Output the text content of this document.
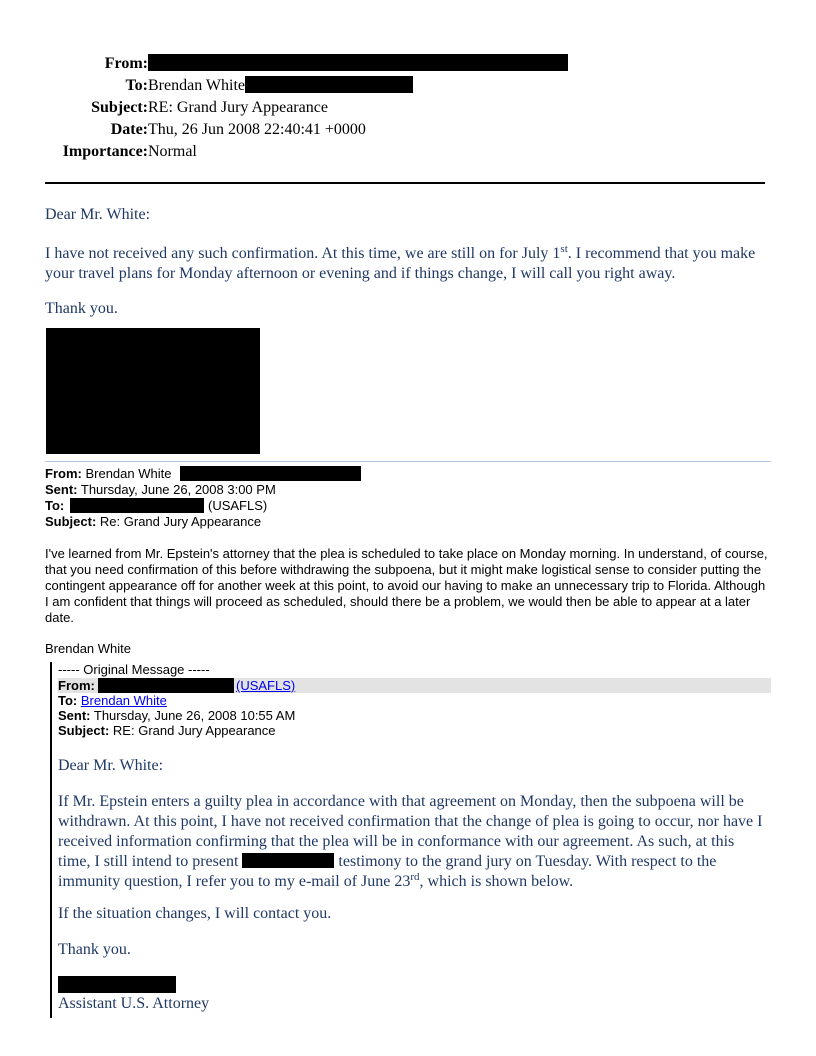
From:
To: Brendan White
Subject: RE: Grand Jury Appearance
Date: Thu, 26 Jun 2008 22:40:41 +0000
Importance: Normal
Dear Mr. White:
I have not received any such confirmation. At this time, we are still on for July 1st. I recommend that you make your travel plans for Monday afternoon or evening and if things change, I will call you right away.
Thank you.
From: Brendan White
Sent: Thursday, June 26, 2008 3:00 PM
To:	(USAFLS)
Subject: Re: Grand Jury Appearance
I've learned from Mr. Epstein's attorney that the plea is scheduled to take place on Monday morning. In understand, of course, that you need confirmation of this before withdrawing the subpoena, but it might make logistical sense to consider putting the contingent appearance off for another week at this point, to avoid our having to make an unnecessary trip to Florida. Although I am confident that things will proceed as scheduled, should there be a problem, we would then be able to appear at a later date.
Brendan White
----- Original Message -----
From:	(USAFLS)
To: Brendan White
Sent: Thursday, June 26, 2008 10:55 AM
Subject: RE: Grand Jury Appearance
Dear Mr. White:
If Mr. Epstein enters a guilty plea in accordance with that agreement on Monday, then the subpoena will be withdrawn. At this point, I have not received confirmation that the change of plea is going to occur, nor have I received information confirming that the plea will be in conformance with our agreement. As such, at this time, I still intend to present	testimony to the grand jury on Tuesday. With respect to the immunity question, I refer you to my e-mail of June 23rd, which is shown below.
If the situation changes, I will contact you.
Thank you.
Assistant U.S. Attorney
